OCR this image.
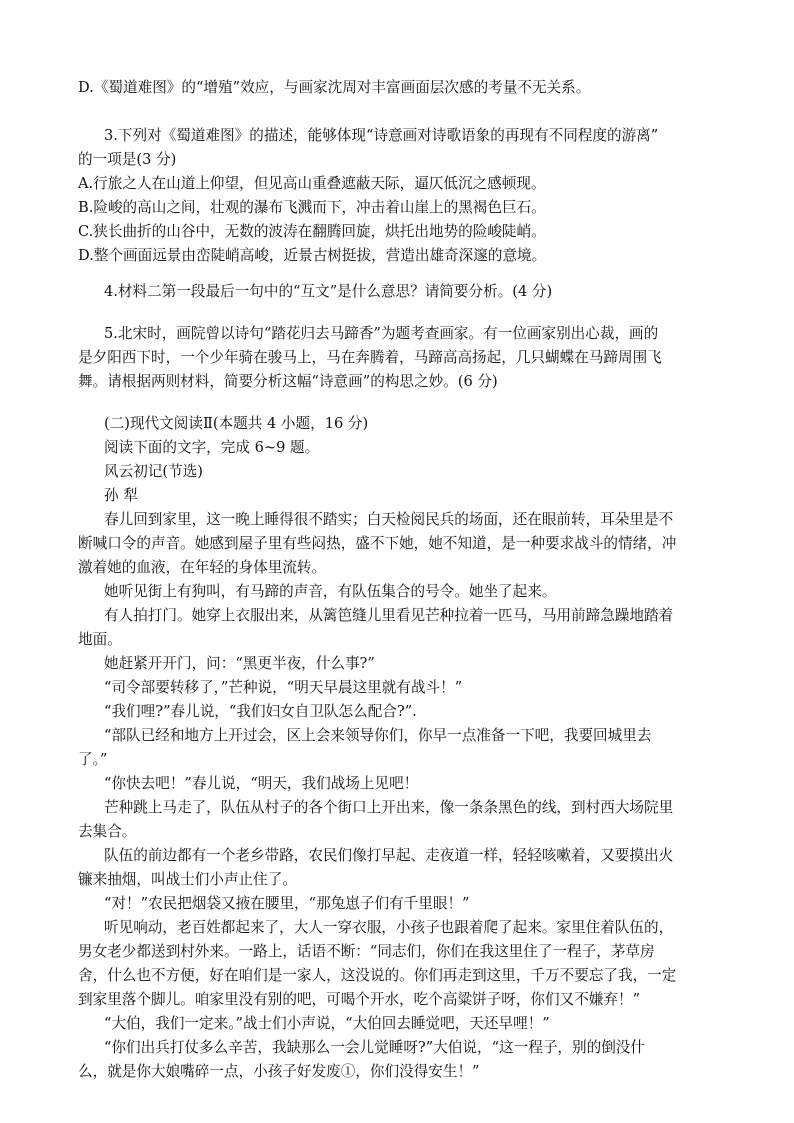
D.《蜀道难图》的“增殖”效应，与画家沈周对丰富画面层次感的考量不无关系。
3.下列对《蜀道难图》的描述，能够体现“诗意画对诗歌语象的再现有不同程度的游离”
的一项是(3 分)
A.行旅之人在山道上仰望，但见高山重叠遮蔽天际，逼仄低沉之感顿现。
B.险峻的高山之间，壮观的瀑布飞溅而下，冲击着山崖上的黑褐色巨石。
C.狭长曲折的山谷中，无数的波涛在翻腾回旋，烘托出地势的险峻陡峭。
D.整个画面远景由峦陡峭高峻，近景古树挺拔，营造出雄奇深邃的意境。
4.材料二第一段最后一句中的“互文”是什么意思？请简要分析。(4 分)
5.北宋时，画院曾以诗句“踏花归去马蹄香”为题考查画家。有一位画家别出心裁，画的
是夕阳西下时，一个少年骑在骏马上，马在奔腾着，马蹄高高扬起，几只蝴蝶在马蹄周围飞
舞。请根据两则材料，简要分析这幅“诗意画”的构思之妙。(6 分)
(二)现代文阅读Ⅱ(本题共 4 小题，16 分)
阅读下面的文字，完成 6~9 题。
风云初记(节选)
孙 犁
春儿回到家里，这一晚上睡得很不踏实；白天检阅民兵的场面，还在眼前转，耳朵里是不
断喊口令的声音。她感到屋子里有些闷热，盛不下她，她不知道，是一种要求战斗的情绪，冲
激着她的血液，在年轻的身体里流转。
她听见街上有狗叫，有马蹄的声音，有队伍集合的号令。她坐了起来。
有人拍打门。她穿上衣服出来，从篱笆缝儿里看见芒种拉着一匹马，马用前蹄急躁地踏着
地面。
她赶紧开开门，问：“黑更半夜，什么事?”
“司令部要转移了，”芒种说，“明天早晨这里就有战斗！”
“我们哩?”春儿说，“我们妇女自卫队怎么配合?”.
“部队已经和地方上开过会，区上会来领导你们，你早一点准备一下吧，我要回城里去
了。”
“你快去吧！”春儿说，“明天，我们战场上见吧！
芒种跳上马走了，队伍从村子的各个街口上开出来，像一条条黑色的线，到村西大场院里
去集合。
队伍的前边都有一个老乡带路，农民们像打早起、走夜道一样，轻轻咳嗽着，又要摸出火
镰来抽烟，叫战士们小声止住了。
“对！”农民把烟袋又掖在腰里，“那兔崽子们有千里眼！”
听见响动，老百姓都起来了，大人一穿衣服，小孩子也跟着爬了起来。家里住着队伍的，
男女老少都送到村外来。一路上，话语不断：“同志们，你们在我这里住了一程子，茅草房
舍，什么也不方便，好在咱们是一家人，这没说的。你们再走到这里，千万不要忘了我，一定
到家里落个脚儿。咱家里没有别的吧，可喝个开水，吃个高粱饼子呀，你们又不嫌弃！”
“大伯，我们一定来。”战士们小声说，“大伯回去睡觉吧，天还早哩！”
“你们出兵打仗多么辛苦，我缺那么一会儿觉睡呀?”大伯说，“这一程子，别的倒没什
么，就是你大娘嘴碎一点，小孩子好发废①，你们没得安生！”
